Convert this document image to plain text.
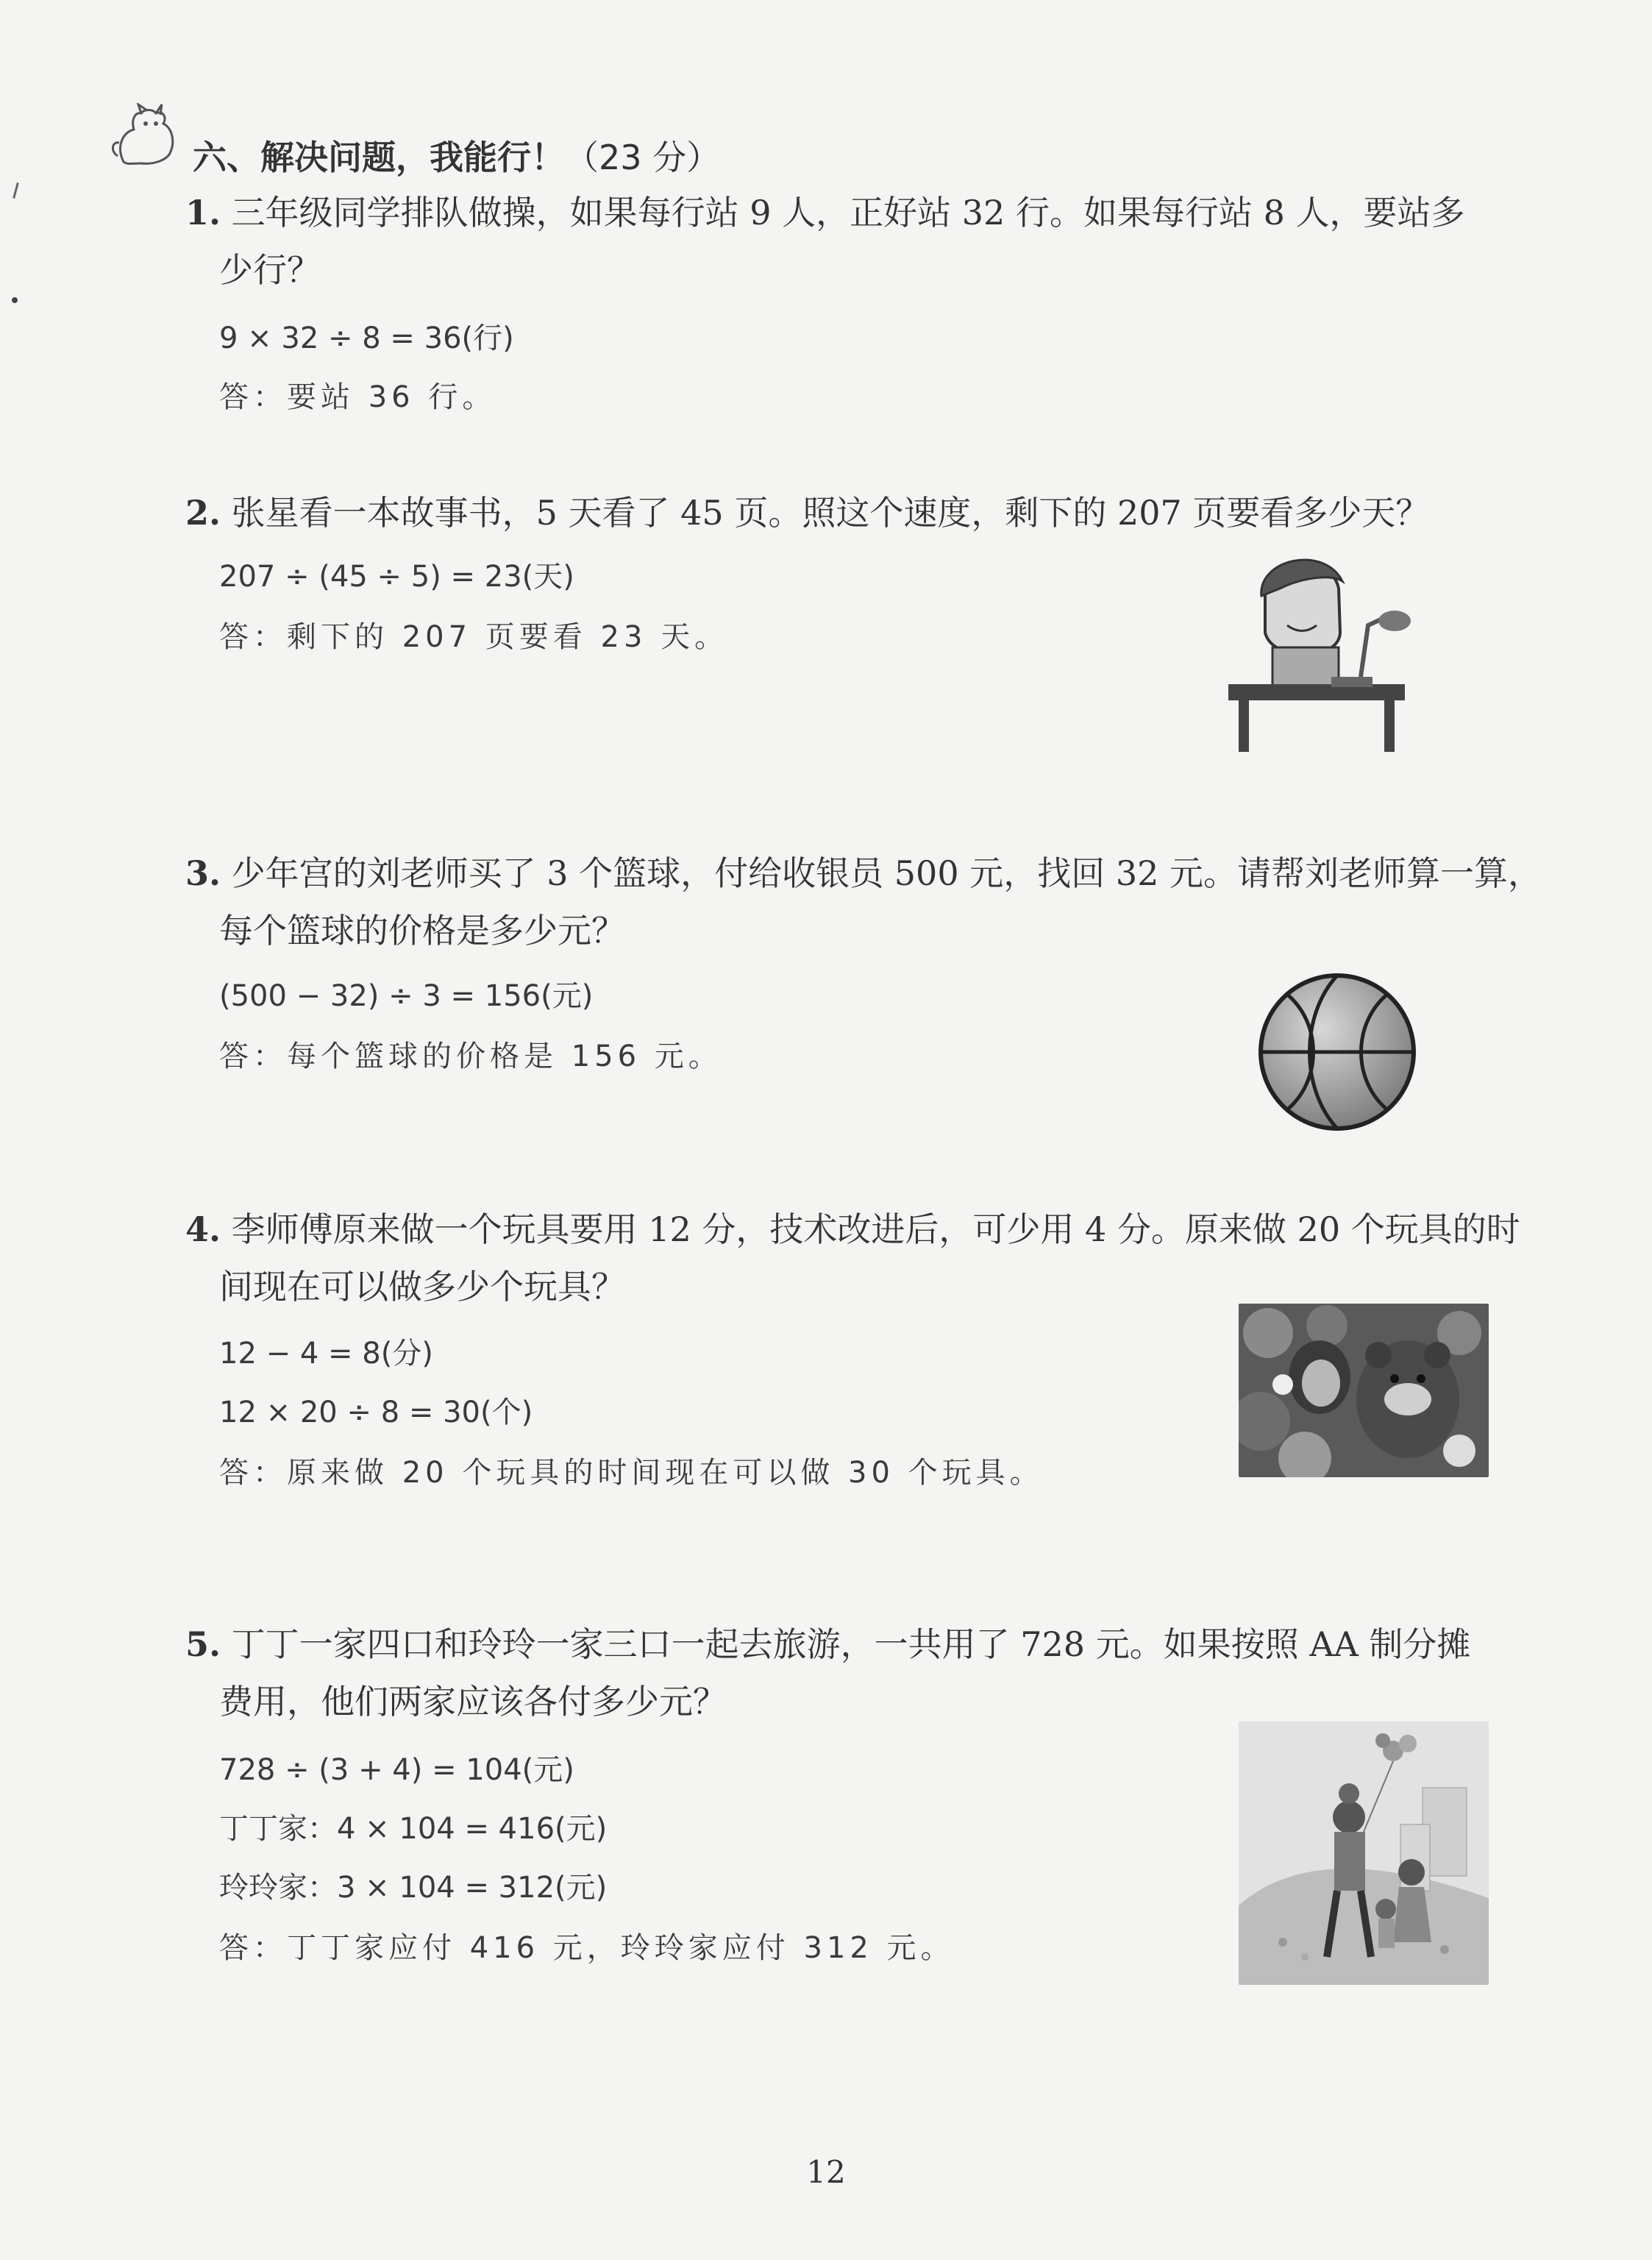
六、解决问题，我能行！（23 分）
1. 三年级同学排队做操，如果每行站 9 人，正好站 32 行。如果每行站 8 人，要站多
少行？
9 × 32 ÷ 8 = 36(行)
答：要站 36 行。
2. 张星看一本故事书，5 天看了 45 页。照这个速度，剩下的 207 页要看多少天？
207 ÷ (45 ÷ 5) = 23(天)
答：剩下的 207 页要看 23 天。
3. 少年宫的刘老师买了 3 个篮球，付给收银员 500 元，找回 32 元。请帮刘老师算一算，
每个篮球的价格是多少元？
(500 − 32) ÷ 3 = 156(元)
答：每个篮球的价格是 156 元。
4. 李师傅原来做一个玩具要用 12 分，技术改进后，可少用 4 分。原来做 20 个玩具的时
间现在可以做多少个玩具？
12 − 4 = 8(分)
12 × 20 ÷ 8 = 30(个)
答：原来做 20 个玩具的时间现在可以做 30 个玩具。
5. 丁丁一家四口和玲玲一家三口一起去旅游，一共用了 728 元。如果按照 AA 制分摊
费用，他们两家应该各付多少元？
728 ÷ (3 + 4) = 104(元)
丁丁家：4 × 104 = 416(元)
玲玲家：3 × 104 = 312(元)
答：丁丁家应付 416 元，玲玲家应付 312 元。
12
